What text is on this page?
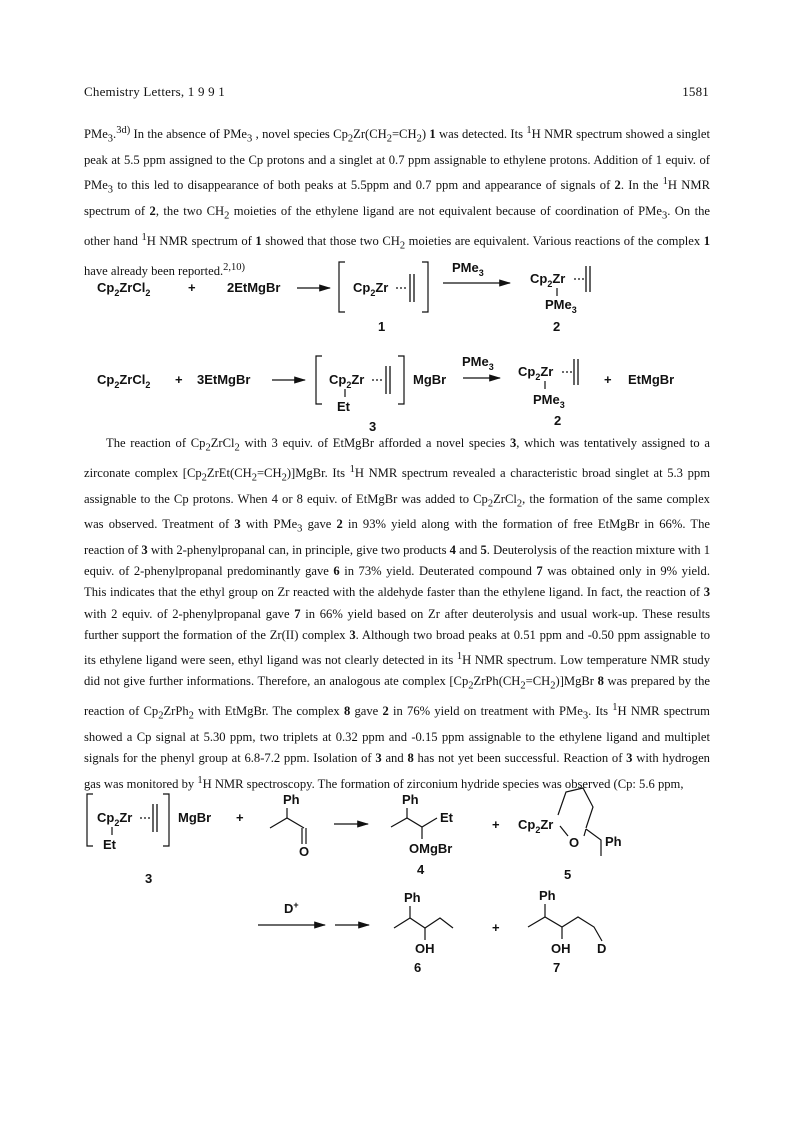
Chemistry Letters, 1 9 9 1	1581

PMe$_3$.$^{3d)}$ In the absence of PMe$_3$ , novel species $Cp_2Zr(CH_2=CH_2)$ 1 was detected. Its $^1$H NMR spectrum showed a singlet peak at 5.5 ppm assigned to the Cp protons and a singlet at 0.7 ppm assignable to ethylene protons. Addition of 1 equiv. of PMe$_3$ to this led to disappearance of both peaks at 5.5ppm and 0.7 ppm and appearance of signals of 2. In the $^1$H NMR spectrum of 2, the two $CH_2$ moieties of the ethylene ligand are not equivalent because of coordination of PMe$_3$. On the other hand $^1$H NMR spectrum of 1 showed that those two $CH_2$ moieties are equivalent. Various reactions of the complex 1 have already been reported.$^{2,10)}$

$Cp_2ZrCl_2$	+ 2EtMgBr	$Cp_2Zr$
PMe$_3$	$Cp_2Zr$
PMe$_3$
1	2
$Cp_2ZrCl_2$ + 3EtMgBr	$Cp_2Zr$
Et
MgBr
PMe$_3$ $Cp_2Zr$
PMe$_3$
+ EtMgBr
3	2
$Cp_2Zr$
Et
MgBr +
Ph
O
Ph
Et
OMgBr
+ $Cp_2Zr$
O Ph
3
4	5
D+	Ph
OH
+
Ph
OH D
6	7

The reaction of $Cp_2ZrCl_2$ with 3 equiv. of EtMgBr afforded a novel species 3, which was tentatively assigned to a zirconate complex $[Cp_2ZrEt(CH_2=CH_2)]MgBr$. Its $^1$H NMR spectrum revealed a characteristic broad singlet at 5.3 ppm assignable to the Cp protons. When 4 or 8 equiv. of EtMgBr was added to $Cp_2ZrCl_2$, the formation of the same complex was observed. Treatment of 3 with PMe$_3$ gave 2 in 93% yield along with the formation of free EtMgBr in 66%. The reaction of 3 with 2-phenylpropanal can, in principle, give two products 4 and 5. Deuterolysis of the reaction mixture with 1 equiv. of 2-phenylpropanal predominantly gave 6 in 73% yield. Deuterated compound 7 was obtained only in 9% yield. This indicates that the ethyl group on Zr reacted with the aldehyde faster than the ethylene ligand. In fact, the reaction of 3 with 2 equiv. of 2-phenylpropanal gave 7 in 66% yield based on Zr after deuterolysis and usual work-up. These results further support the formation of the Zr(II) complex 3. Although two broad peaks at 0.51 ppm and -0.50 ppm assignable to its ethylene ligand were seen, ethyl ligand was not clearly detected in its $^1$H NMR spectrum. Low temperature NMR study did not give further informations. Therefore, an analogous ate complex $[Cp_2ZrPh(CH_2=CH_2)]MgBr$ 8 was prepared by the reaction of $Cp_2ZrPh_2$ with EtMgBr. The complex 8 gave 2 in 76% yield on treatment with PMe$_3$. Its $^1$H NMR spectrum showed a Cp signal at 5.30 ppm, two triplets at 0.32 ppm and -0.15 ppm assignable to the ethylene ligand and multiplet signals for the phenyl group at 6.8-7.2 ppm. Isolation of 3 and 8 has not yet been successful. Reaction of 3 with hydrogen gas was monitored by $^1$H NMR spectroscopy. The formation of zirconium hydride species was observed (Cp: 5.6 ppm,
